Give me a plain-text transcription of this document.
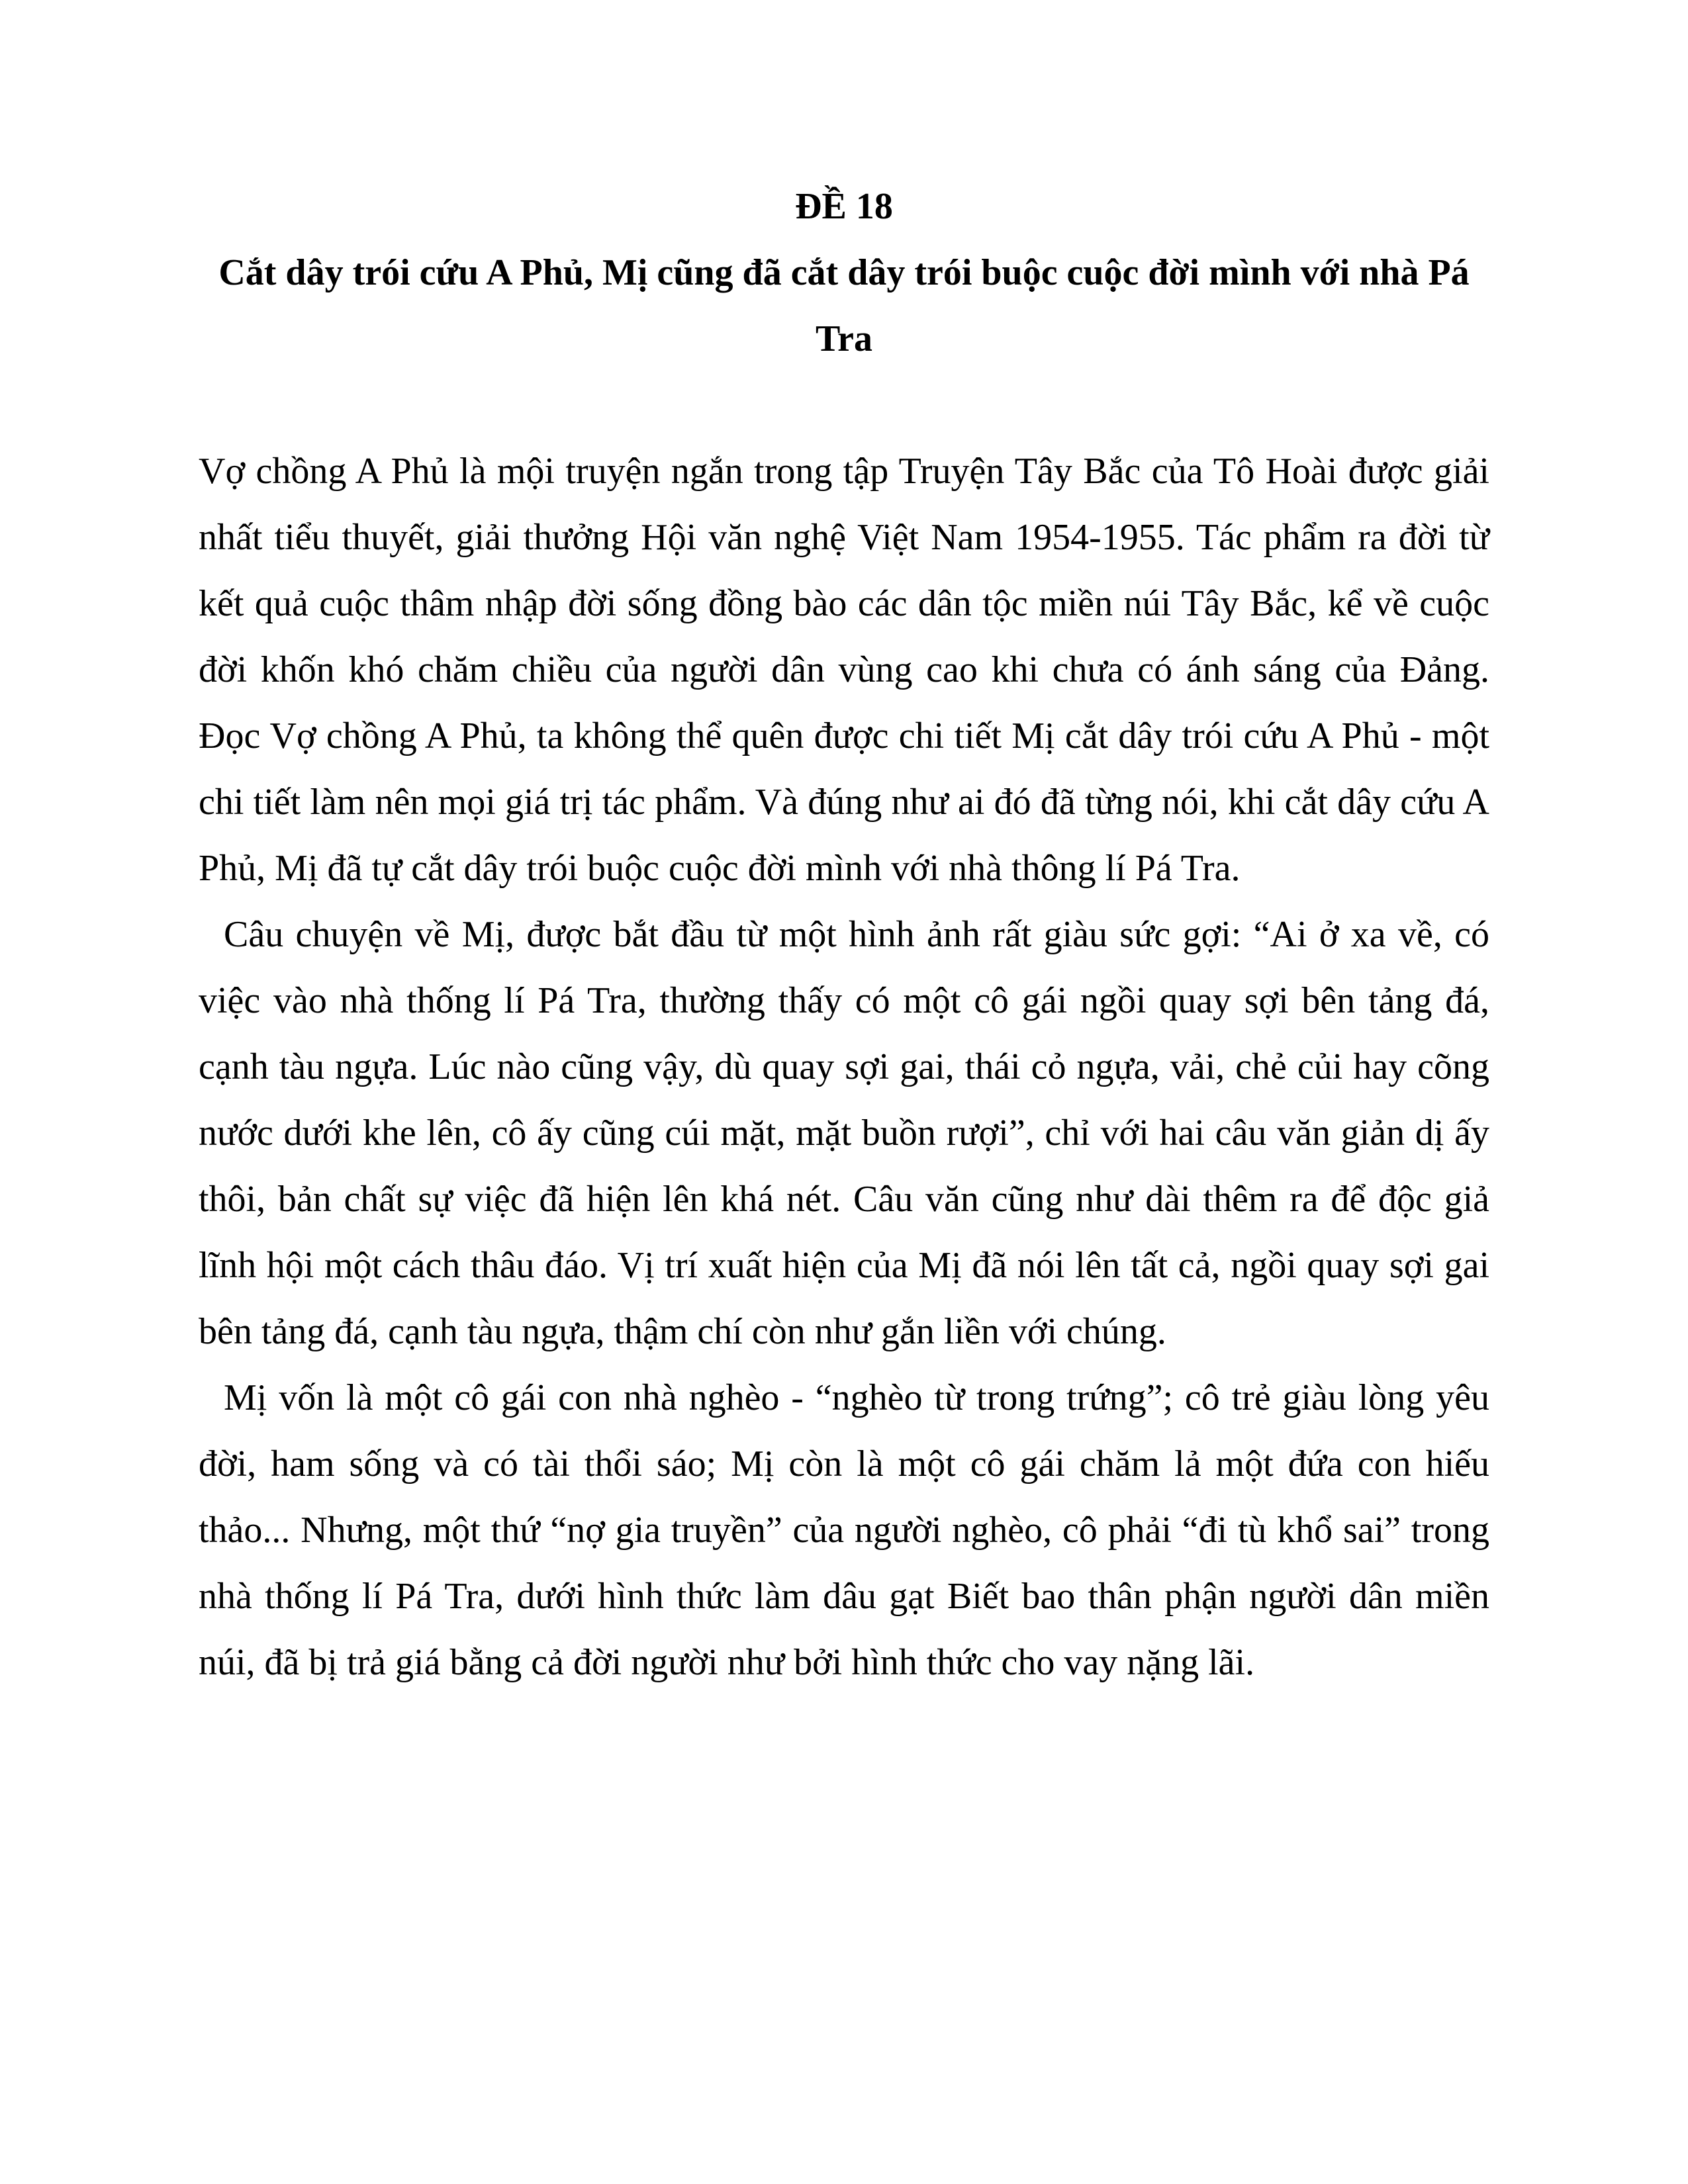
ĐỀ 18
Cắt dây trói cứu A Phủ, Mị cũng đã cắt dây trói buộc cuộc đời mình với nhà Pá Tra

Vợ chồng A Phủ là mội truyện ngắn trong tập Truyện Tây Bắc của Tô Hoài được giải nhất tiểu thuyết, giải thưởng Hội văn nghệ Việt Nam 1954-1955. Tác phẩm ra đời từ kết quả cuộc thâm nhập đời sống đồng bào các dân tộc miền núi Tây Bắc, kể về cuộc đời khốn khó chăm chiều của người dân vùng cao khi chưa có ánh sáng của Đảng. Đọc Vợ chồng A Phủ, ta không thể quên được chi tiết Mị cắt dây trói cứu A Phủ - một chi tiết làm nên mọi giá trị tác phẩm. Và đúng như ai đó đã từng nói, khi cắt dây cứu A Phủ, Mị đã tự cắt dây trói buộc cuộc đời mình với nhà thông lí Pá Tra.

Câu chuyện về Mị, được bắt đầu từ một hình ảnh rất giàu sức gợi: “Ai ở xa về, có việc vào nhà thống lí Pá Tra, thường thấy có một cô gái ngồi quay sợi bên tảng đá, cạnh tàu ngựa. Lúc nào cũng vậy, dù quay sợi gai, thái cỏ ngựa, vải, chẻ củi hay cõng nước dưới khe lên, cô ấy cũng cúi mặt, mặt buồn rượi”, chỉ với hai câu văn giản dị ấy thôi, bản chất sự việc đã hiện lên khá nét. Câu văn cũng như dài thêm ra để độc giả lĩnh hội một cách thâu đáo. Vị trí xuất hiện của Mị đã nói lên tất cả, ngồi quay sợi gai bên tảng đá, cạnh tàu ngựa, thậm chí còn như gắn liền với chúng.

Mị vốn là một cô gái con nhà nghèo - “nghèo từ trong trứng”; cô trẻ giàu lòng yêu đời, ham sống và có tài thổi sáo; Mị còn là một cô gái chăm lả một đứa con hiếu thảo... Nhưng, một thứ “nợ gia truyền” của người nghèo, cô phải “đi tù khổ sai” trong nhà thống lí Pá Tra, dưới hình thức làm dâu gạt Biết bao thân phận người dân miền núi, đã bị trả giá bằng cả đời người như bởi hình thức cho vay nặng lãi.
